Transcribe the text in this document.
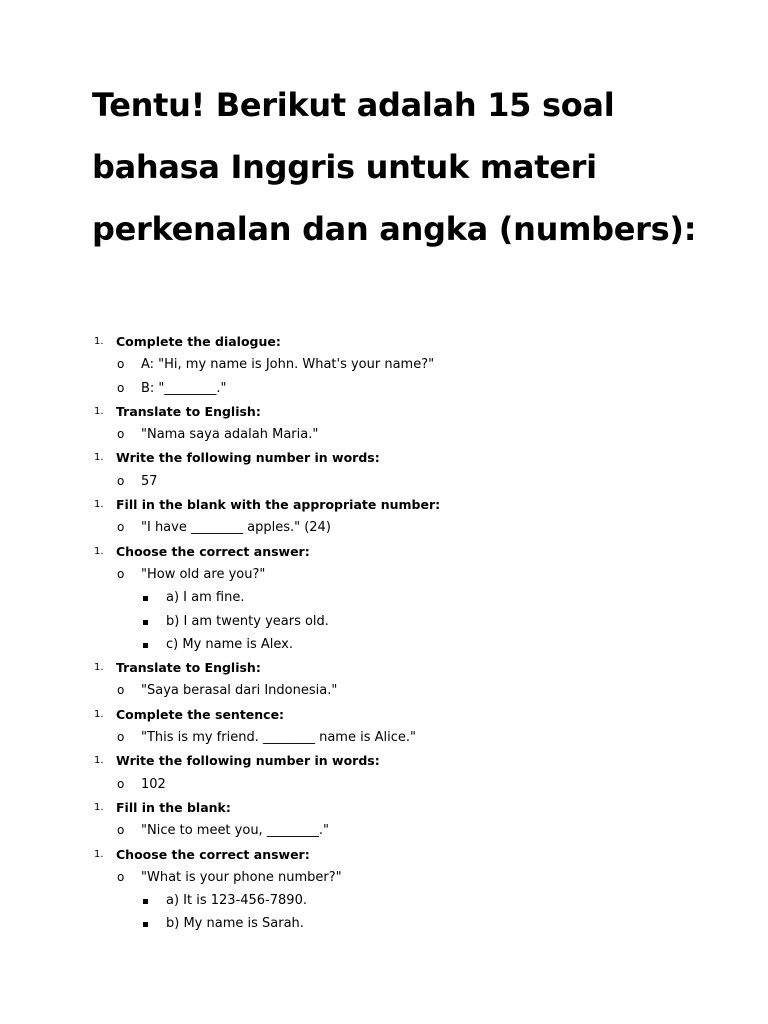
Tentu! Berikut adalah 15 soal bahasa Inggris untuk materi perkenalan dan angka (numbers):
1. Complete the dialogue:
o A: "Hi, my name is John. What's your name?"
o B: "________."
1. Translate to English:
o "Nama saya adalah Maria."
1. Write the following number in words:
o 57
1. Fill in the blank with the appropriate number:
o "I have ________ apples." (24)
1. Choose the correct answer:
o "How old are you?"
a) I am fine.
b) I am twenty years old.
c) My name is Alex.
1. Translate to English:
o "Saya berasal dari Indonesia."
1. Complete the sentence:
o "This is my friend. ________ name is Alice."
1. Write the following number in words:
o 102
1. Fill in the blank:
o "Nice to meet you, ________."
1. Choose the correct answer:
o "What is your phone number?"
a) It is 123-456-7890.
b) My name is Sarah.
